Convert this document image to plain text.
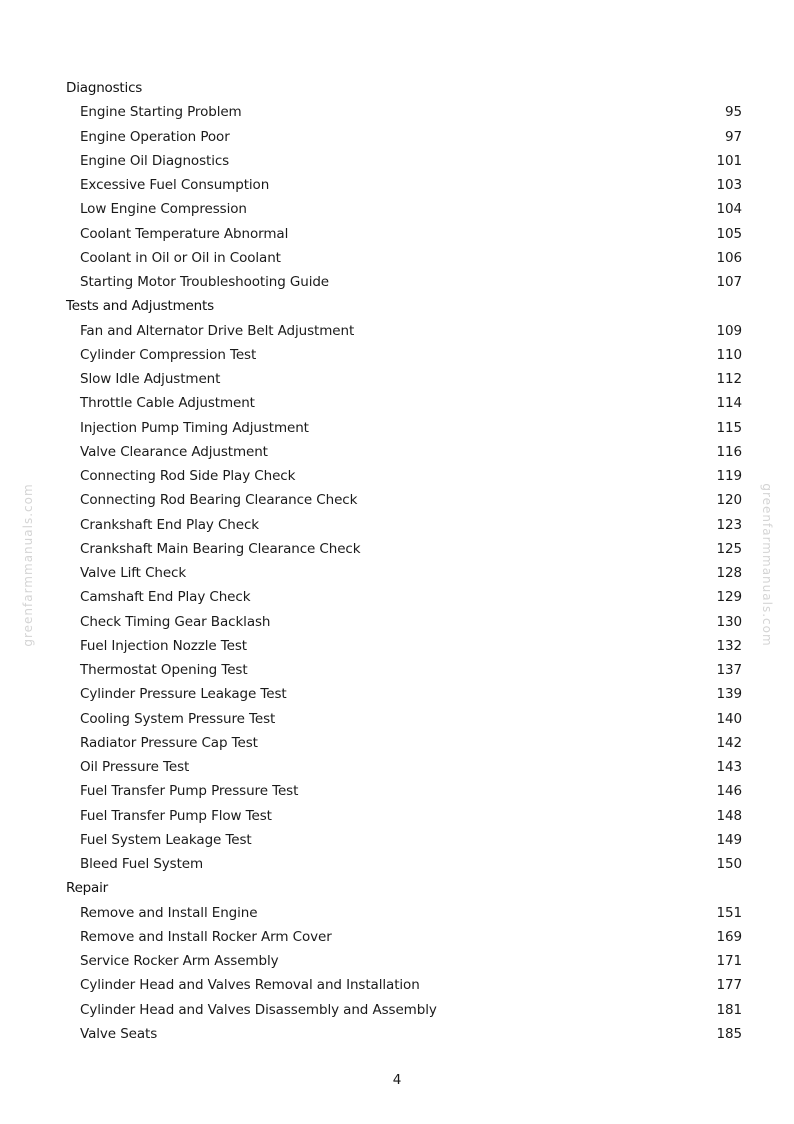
greenfarmmanuals.com	greenfarmmanuals.com
Diagnostics
Engine Starting Problem	95
Engine Operation Poor	97
Engine Oil Diagnostics	101
Excessive Fuel Consumption	103
Low Engine Compression	104
Coolant Temperature Abnormal	105
Coolant in Oil or Oil in Coolant	106
Starting Motor Troubleshooting Guide	107
Tests and Adjustments
Fan and Alternator Drive Belt Adjustment	109
Cylinder Compression Test	110
Slow Idle Adjustment	112
Throttle Cable Adjustment	114
Injection Pump Timing Adjustment	115
Valve Clearance Adjustment	116
Connecting Rod Side Play Check	119
Connecting Rod Bearing Clearance Check	120
Crankshaft End Play Check	123
Crankshaft Main Bearing Clearance Check	125
Valve Lift Check	128
Camshaft End Play Check	129
Check Timing Gear Backlash	130
Fuel Injection Nozzle Test	132
Thermostat Opening Test	137
Cylinder Pressure Leakage Test	139
Cooling System Pressure Test	140
Radiator Pressure Cap Test	142
Oil Pressure Test	143
Fuel Transfer Pump Pressure Test	146
Fuel Transfer Pump Flow Test	148
Fuel System Leakage Test	149
Bleed Fuel System	150
Repair
Remove and Install Engine	151
Remove and Install Rocker Arm Cover	169
Service Rocker Arm Assembly	171
Cylinder Head and Valves Removal and Installation	177
Cylinder Head and Valves Disassembly and Assembly	181
Valve Seats	185
4
